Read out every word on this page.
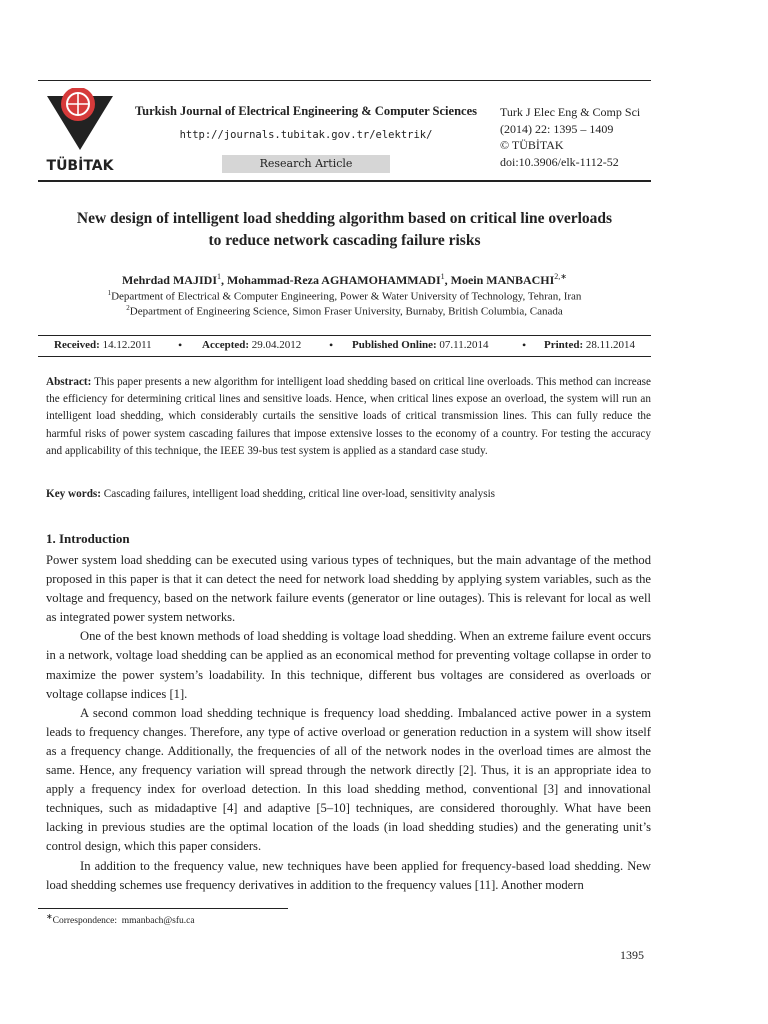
TÜBİTAK
Turkish Journal of Electrical Engineering & Computer Sciences
http://journals.tubitak.gov.tr/elektrik/
Research Article
Turk J Elec Eng & Comp Sci
(2014) 22: 1395 – 1409
© TÜBİTAK
doi:10.3906/elk-1112-52
New design of intelligent load shedding algorithm based on critical line overloads
to reduce network cascading failure risks
Mehrdad MAJIDI$^1$, Mohammad-Reza AGHAMOHAMMADI$^1$, Moein $MANBACHI^{2,∗}$
$^1$Department of Electrical & Computer Engineering, Power & Water University of Technology, Tehran, Iran
$^2$Department of Engineering Science, Simon Fraser University, Burnaby, British Columbia, Canada
Received: 14.12.2011 • Accepted: 29.04.2012 • Published Online: 07.11.2014	• Printed: 28.11.2014
Abstract: This paper presents a new algorithm for intelligent load shedding based on critical line overloads. This method can increase the efficiency for determining critical lines and sensitive loads. Hence, when critical lines expose an overload, the system will run an intelligent load shedding, which considerably curtails the sensitive loads of critical transmission lines. This can fully reduce the harmful risks of power system cascading failures that impose extensive losses to the economy of a country. For testing the accuracy and applicability of this technique, the IEEE 39-bus test system is applied as a standard case study.
Key words: Cascading failures, intelligent load shedding, critical line over-load, sensitivity analysis
1. Introduction

Power system load shedding can be executed using various types of techniques, but the main advantage of the method proposed in this paper is that it can detect the need for network load shedding by applying system variables, such as the voltage and frequency, based on the network failure events (generator or line outages). This is relevant for local as well as integrated power system networks.

One of the best known methods of load shedding is voltage load shedding. When an extreme failure event occurs in a network, voltage load shedding can be applied as an economical method for preventing voltage collapse in order to maximize the power system’s loadability. In this technique, different bus voltages are considered as overloads or voltage collapse indices [1].

A second common load shedding technique is frequency load shedding. Imbalanced active power in a system leads to frequency changes. Therefore, any type of active overload or generation reduction in a system will show itself as a frequency change. Additionally, the frequencies of all of the network nodes in the overload times are almost the same. Hence, any frequency variation will spread through the network directly [2]. Thus, it is an appropriate idea to apply a frequency index for overload detection. In this load shedding method, conventional [3] and innovational techniques, such as midadaptive [4] and adaptive [5–10] techniques, are considered thoroughly. What have been lacking in previous studies are the optimal location of the loads (in load shedding studies) and the generating unit’s control design, which this paper considers.

In addition to the frequency value, new techniques have been applied for frequency-based load shedding. New load shedding schemes use frequency derivatives in addition to the frequency values [11]. Another modern

∗Correspondence: mmanbach@sfu.ca
1395
